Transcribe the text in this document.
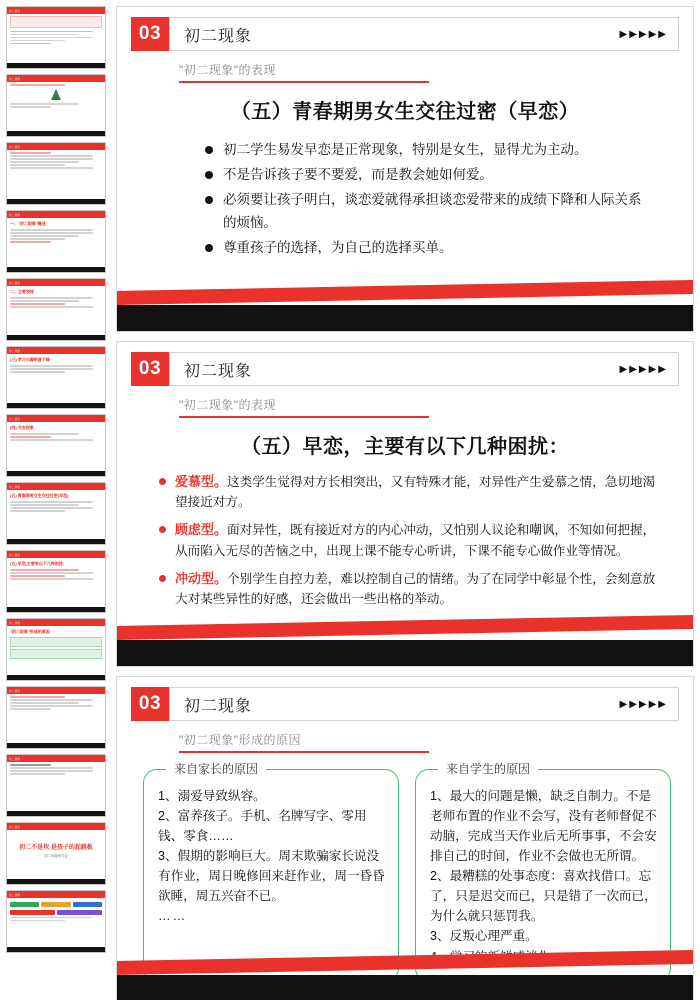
初二现象
初二现象
初二现象
初二现象
一、"初二现象"概述
初二现象
二、主要表现
初二现象
(三) 学习兴趣明显下降
初二现象
(四) 交友现象
初二现象
(五) 青春期男女生交往过密(早恋)
初二现象
(五) 早恋,主要有以下几种困扰:
初二现象
"初二现象"形成的原因
初二现象
初二现象
初二现象
初二不是坎 是孩子的起跳板
初二年级家长会
初二现象
03	初二现象	▶▶▶▶▶
"初二现象"的表现
（五）青春期男女生交往过密（早恋）
初二学生易发早恋是正常现象，特别是女生，显得尤为主动。
不是告诉孩子要不要爱，而是教会她如何爱。
必须要让孩子明白，谈恋爱就得承担谈恋爱带来的成绩下降和人际关系的烦恼。
尊重孩子的选择，为自己的选择买单。
03	初二现象	▶▶▶▶▶
"初二现象"的表现
（五）早恋，主要有以下几种困扰：
爱慕型。这类学生觉得对方长相突出，又有特殊才能，对异性产生爱慕之情，急切地渴望接近对方。
顾虑型。面对异性，既有接近对方的内心冲动，又怕别人议论和嘲讽，不知如何把握，从而陷入无尽的苦恼之中，出现上课不能专心听讲，下课不能专心做作业等情况。
冲动型。个别学生自控力差，难以控制自己的情绪。为了在同学中彰显个性，会刻意放大对某些异性的好感，还会做出一些出格的举动。
03	初二现象	▶▶▶▶▶
"初二现象"形成的原因
来自家长的原因
1、溺爱导致纵容。
2、富养孩子。手机、名牌写字、零用钱、零食……
3、假期的影响巨大。周末欺骗家长说没有作业，周日晚修回来赶作业，周一昏昏欲睡，周五兴奋不已。
……
来自学生的原因
1、最大的问题是懒，缺乏自制力。不是老师布置的作业不会写，没有老师督促不动脑，完成当天作业后无所事事，不会安排自己的时间，作业不会做也无所谓。
2、最糟糕的处事态度：喜欢找借口。忘了，只是迟交而已，只是错了一次而已，为什么就只惩罚我。
3、反叛心理严重。
